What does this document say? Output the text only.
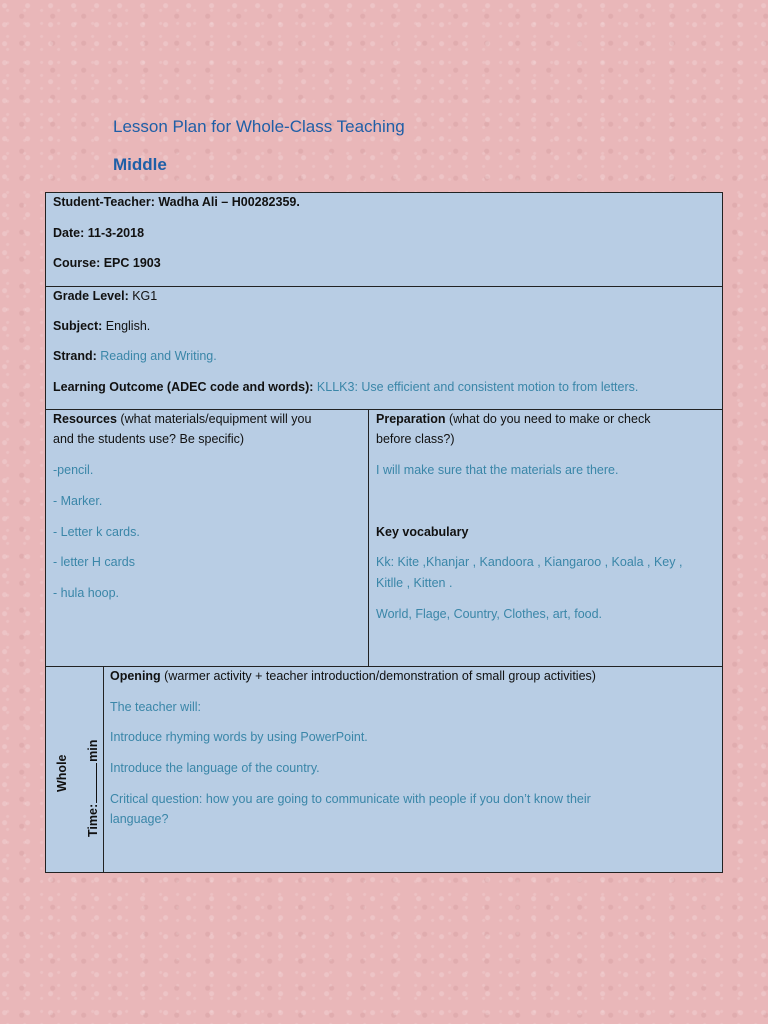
Lesson Plan for Whole-Class Teaching

Middle

Student-Teacher: Wadha Ali – H00282359.
Date: 11-3-2018
Course: EPC 1903
Grade Level: KG1
Subject: English.
Strand: Reading and Writing.
Learning Outcome (ADEC code and words): KLLK3: Use efficient and consistent motion to from letters.
Resources (what materials/equipment will you
and the students use? Be specific)
-pencil.
- Marker.
- Letter k cards.
- letter H cards
- hula hoop.
Preparation (what do you need to make or check
before class?)
I will make sure that the materials are there.
Key vocabulary
Kk: Kite ,Khanjar , Kandoora , Kiangaroo , Koala , Key ,
Kitlle , Kitten .
World, Flage, Country, Clothes, art, food.
Whole
Time:min
Opening (warmer activity + teacher introduction/demonstration of small group activities)
The teacher will:
Introduce rhyming words by using PowerPoint.
Introduce the language of the country.
Critical question: how you are going to communicate with people if you don’t know their
language?
